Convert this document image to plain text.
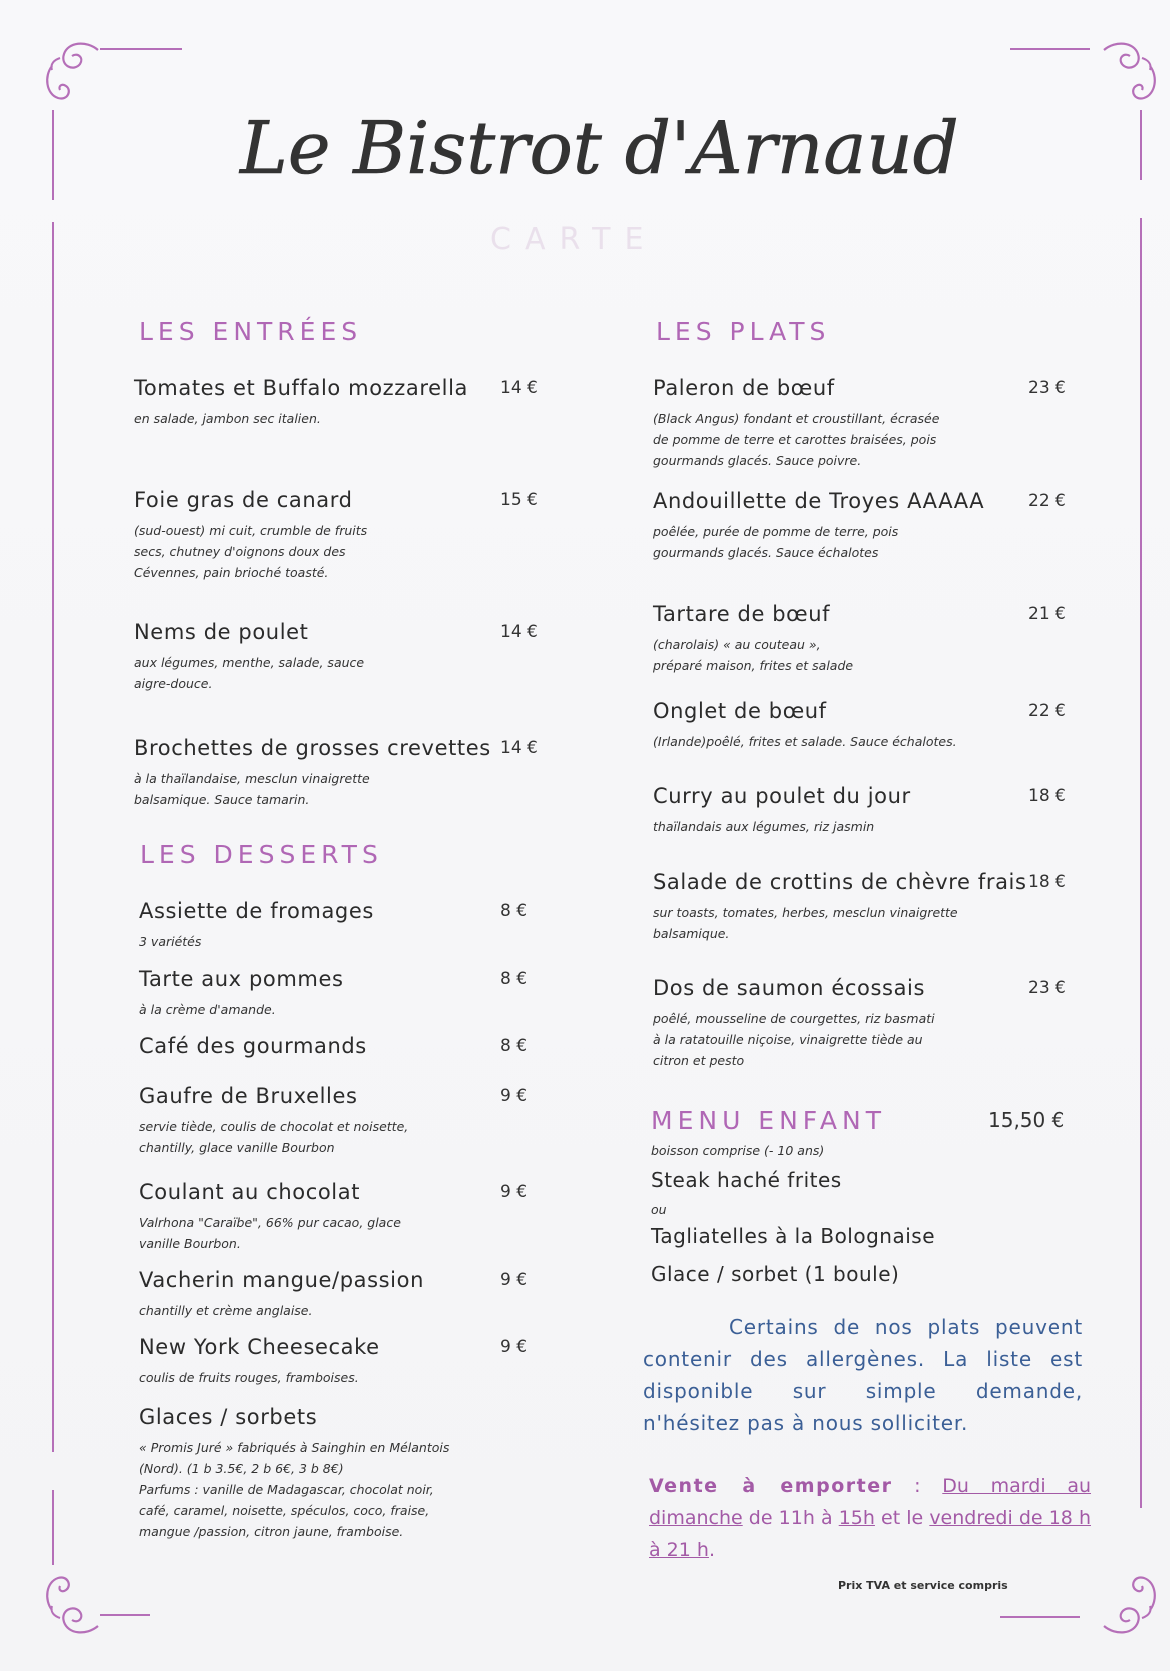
Le Bistrot d'Arnaud
CARTE
LES ENTRÉES
Tomates et Buffalo mozzarella
en salade, jambon sec italien.
14 €
Foie gras de canard
(sud-ouest) mi cuit, crumble de fruits
secs, chutney d'oignons doux des
Cévennes, pain brioché toasté.
15 €
Nems de poulet
aux légumes, menthe, salade, sauce
aigre-douce.
14 €
Brochettes de grosses crevettes
à la thaïlandaise, mesclun vinaigrette
balsamique. Sauce tamarin.
14 €
LES DESSERTS
Assiette de fromages
3 variétés
8 €
Tarte aux pommes
à la crème d'amande.
8 €
Café des gourmands	8 €
Gaufre de Bruxelles
servie tiède, coulis de chocolat et noisette,
chantilly, glace vanille Bourbon
9 €
Coulant au chocolat
Valrhona "Caraïbe", 66% pur cacao, glace
vanille Bourbon.
9 €
Vacherin mangue/passion
chantilly et crème anglaise.
9 €
New York Cheesecake
coulis de fruits rouges, framboises.
9 €
Glaces / sorbets
« Promis Juré » fabriqués à Sainghin en Mélantois
(Nord). (1 b 3.5€, 2 b 6€, 3 b 8€)
Parfums : vanille de Madagascar, chocolat noir,
café, caramel, noisette, spéculos, coco, fraise,
mangue /passion, citron jaune, framboise.
LES PLATS
Paleron de bœuf
(Black Angus) fondant et croustillant, écrasée
de pomme de terre et carottes braisées, pois
gourmands glacés. Sauce poivre.
23 €
Andouillette de Troyes AAAAA
poêlée, purée de pomme de terre, pois
gourmands glacés. Sauce échalotes
22 €
Tartare de bœuf
(charolais) « au couteau »,
préparé maison, frites et salade
21 €
Onglet de bœuf
(Irlande)poêlé, frites et salade. Sauce échalotes.
22 €
Curry au poulet du jour
thaïlandais aux légumes, riz jasmin
18 €
Salade de crottins de chèvre frais
sur toasts, tomates, herbes, mesclun vinaigrette
balsamique.
18 €
Dos de saumon écossais
poêlé, mousseline de courgettes, riz basmati
à la ratatouille niçoise, vinaigrette tiède au
citron et pesto
23 €
MENU ENFANT	15,50 €
boisson comprise (- 10 ans)
Steak haché frites
ou
Tagliatelles à la Bolognaise
Glace / sorbet (1 boule)
Certains de nos plats peuvent contenir des allergènes. La liste est disponible sur simple demande, n'hésitez pas à nous solliciter.
Vente à emporter : Du mardi au dimanche de 11h à 15h et le vendredi de 18 h à 21 h.
Prix TVA et service compris
